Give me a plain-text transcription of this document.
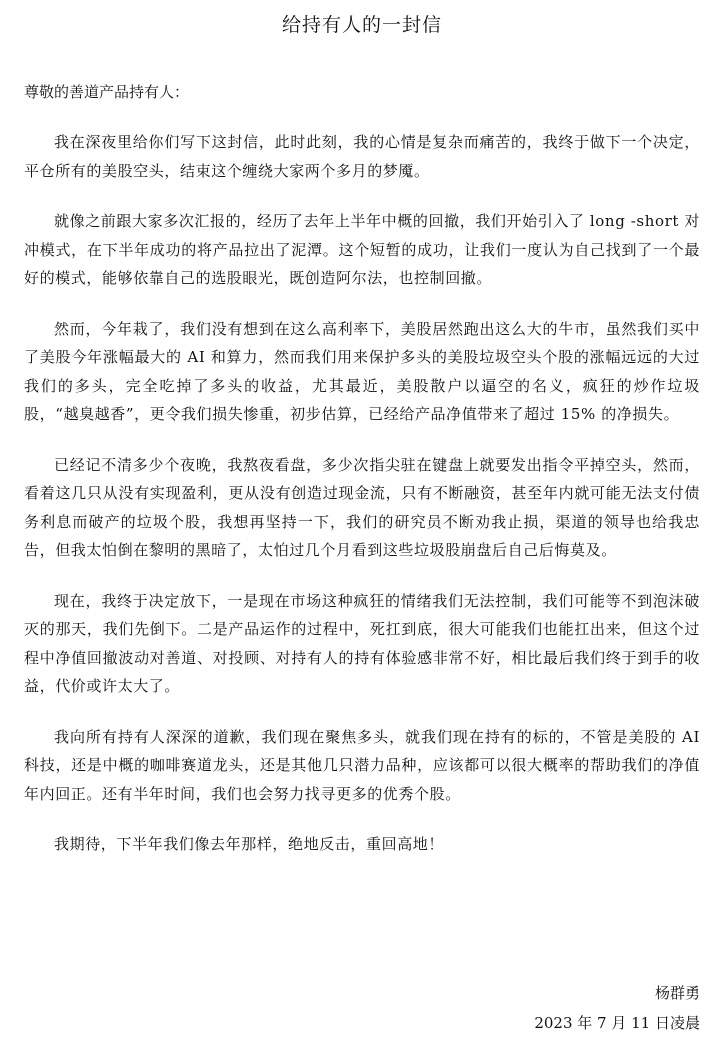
给持有人的一封信

尊敬的善道产品持有人：

我在深夜里给你们写下这封信，此时此刻，我的心情是复杂而痛苦的，我终于做下一个决定，平仓所有的美股空头，结束这个缠绕大家两个多月的梦魇。

就像之前跟大家多次汇报的，经历了去年上半年中概的回撤，我们开始引入了 long -short 对冲模式，在下半年成功的将产品拉出了泥潭。这个短暂的成功，让我们一度认为自己找到了一个最好的模式，能够依靠自己的选股眼光，既创造阿尔法，也控制回撤。

然而，今年栽了，我们没有想到在这么高利率下，美股居然跑出这么大的牛市，虽然我们买中了美股今年涨幅最大的 AI 和算力，然而我们用来保护多头的美股垃圾空头个股的涨幅远远的大过我们的多头，完全吃掉了多头的收益，尤其最近，美股散户以逼空的名义，疯狂的炒作垃圾股，“越臭越香”，更令我们损失惨重，初步估算，已经给产品净值带来了超过 15% 的净损失。

已经记不清多少个夜晚，我熬夜看盘，多少次指尖驻在键盘上就要发出指令平掉空头，然而，看着这几只从没有实现盈利，更从没有创造过现金流，只有不断融资，甚至年内就可能无法支付债务利息而破产的垃圾个股，我想再坚持一下，我们的研究员不断劝我止损，渠道的领导也给我忠告，但我太怕倒在黎明的黑暗了，太怕过几个月看到这些垃圾股崩盘后自己后悔莫及。

现在，我终于决定放下，一是现在市场这种疯狂的情绪我们无法控制，我们可能等不到泡沫破灭的那天，我们先倒下。二是产品运作的过程中，死扛到底，很大可能我们也能扛出来，但这个过程中净值回撤波动对善道、对投顾、对持有人的持有体验感非常不好，相比最后我们终于到手的收益，代价或许太大了。

我向所有持有人深深的道歉，我们现在聚焦多头，就我们现在持有的标的，不管是美股的 AI 科技，还是中概的咖啡赛道龙头，还是其他几只潜力品种，应该都可以很大概率的帮助我们的净值年内回正。还有半年时间，我们也会努力找寻更多的优秀个股。

我期待，下半年我们像去年那样，绝地反击，重回高地！

杨群勇
2023 年 7 月 11 日凌晨
